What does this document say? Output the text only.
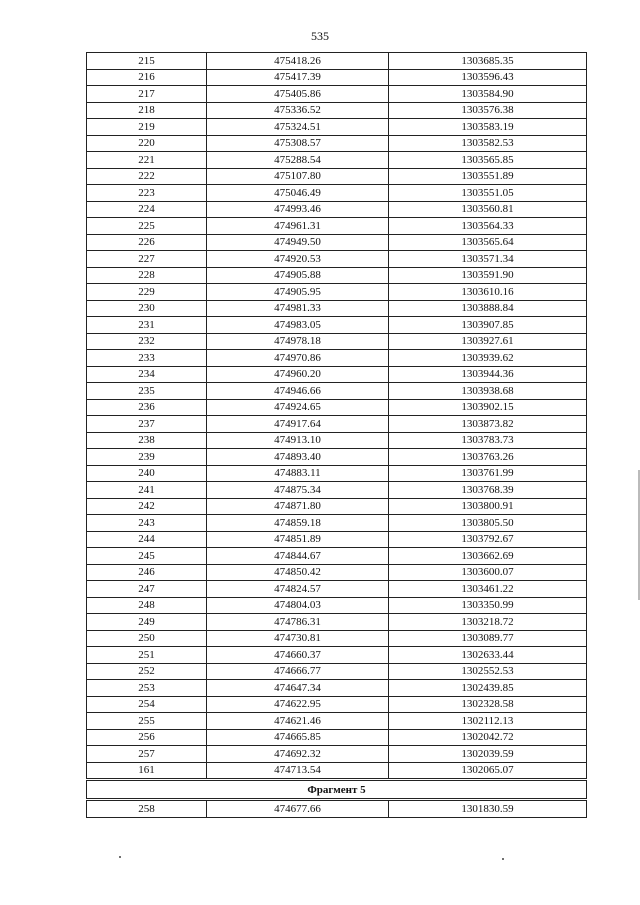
535
215	475418.26	1303685.35
216	475417.39	1303596.43
217	475405.86	1303584.90
218	475336.52	1303576.38
219	475324.51	1303583.19
220	475308.57	1303582.53
221	475288.54	1303565.85
222	475107.80	1303551.89
223	475046.49	1303551.05
224	474993.46	1303560.81
225	474961.31	1303564.33
226	474949.50	1303565.64
227	474920.53	1303571.34
228	474905.88	1303591.90
229	474905.95	1303610.16
230	474981.33	1303888.84
231	474983.05	1303907.85
232	474978.18	1303927.61
233	474970.86	1303939.62
234	474960.20	1303944.36
235	474946.66	1303938.68
236	474924.65	1303902.15
237	474917.64	1303873.82
238	474913.10	1303783.73
239	474893.40	1303763.26
240	474883.11	1303761.99
241	474875.34	1303768.39
242	474871.80	1303800.91
243	474859.18	1303805.50
244	474851.89	1303792.67
245	474844.67	1303662.69
246	474850.42	1303600.07
247	474824.57	1303461.22
248	474804.03	1303350.99
249	474786.31	1303218.72
250	474730.81	1303089.77
251	474660.37	1302633.44
252	474666.77	1302552.53
253	474647.34	1302439.85
254	474622.95	1302328.58
255	474621.46	1302112.13
256	474665.85	1302042.72
257	474692.32	1302039.59
161	474713.54	1302065.07
Фрагмент 5		
258	474677.66	1301830.59
